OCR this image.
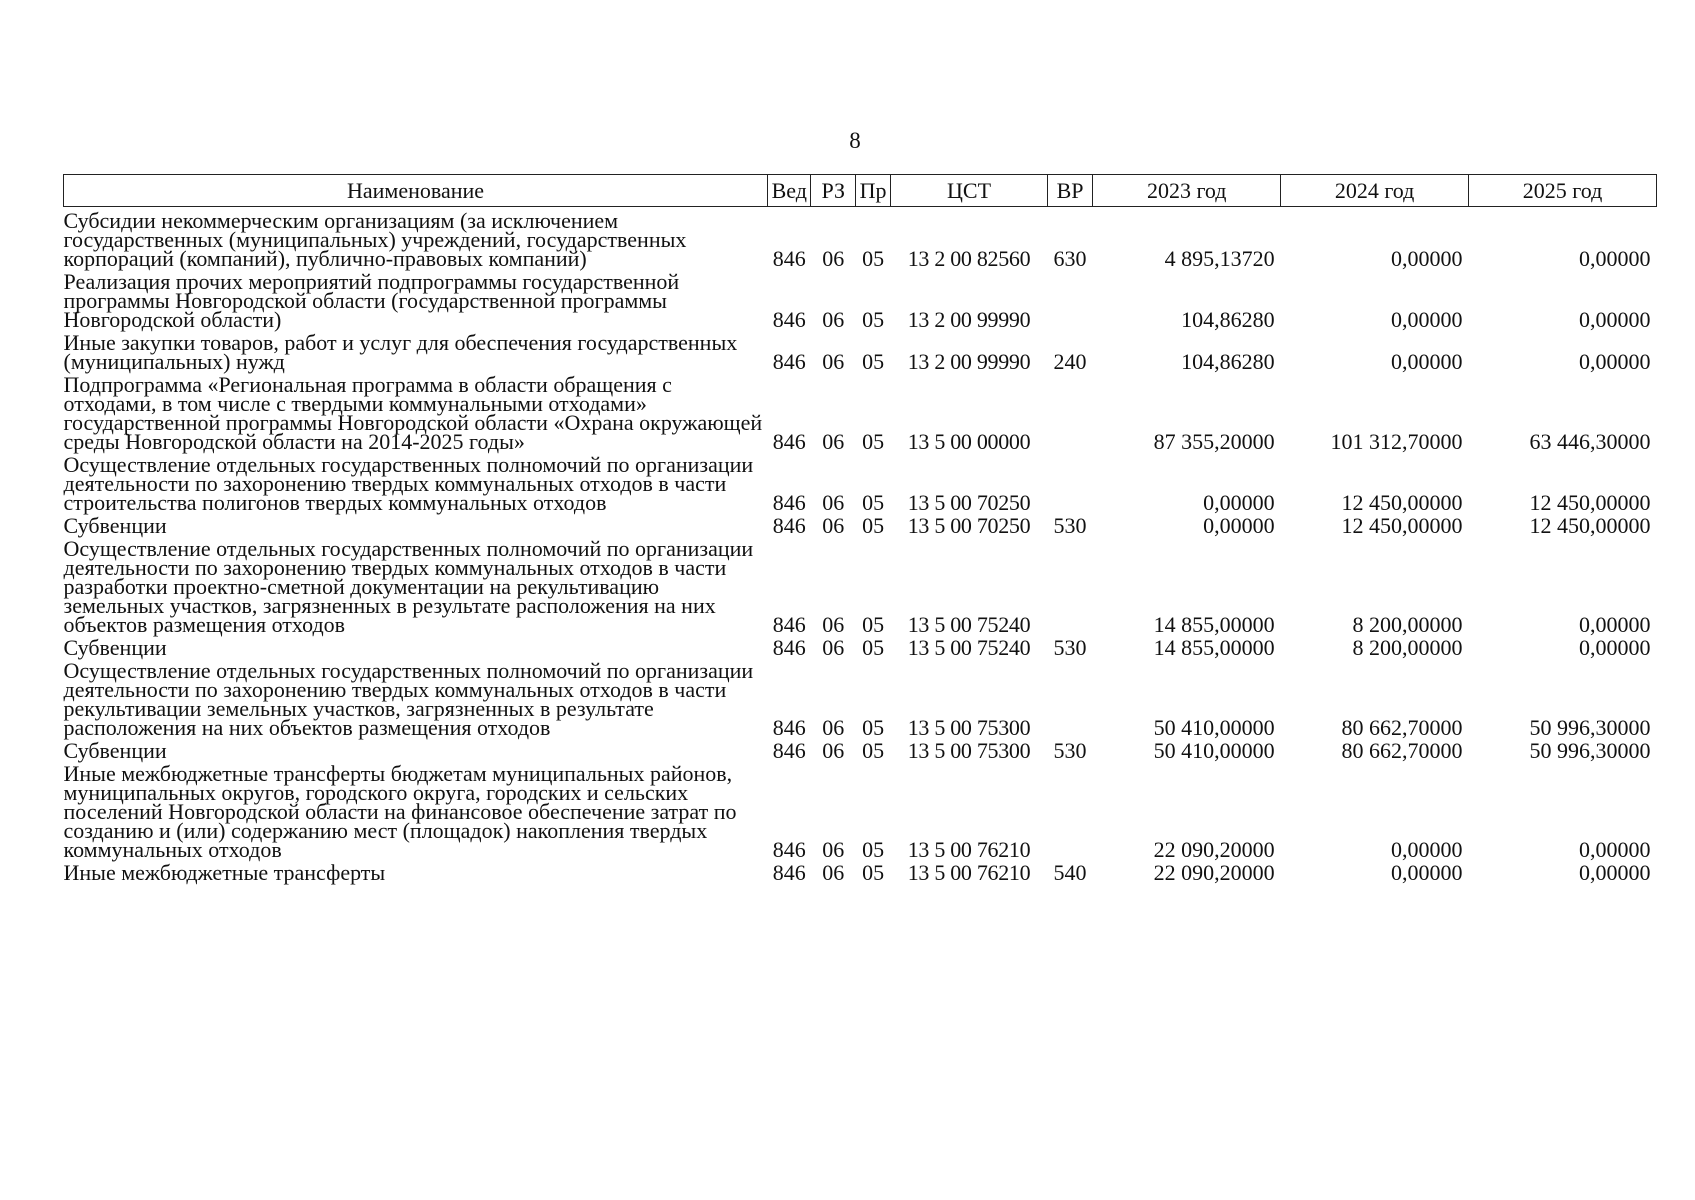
8
Наименование	Вед	РЗ	Пр	ЦСТ	ВР	2023 год	2024 год	2025 год
Субсидии некоммерческим организациям (за исключением государственных (муниципальных) учреждений, государственных корпораций (компаний), публично-правовых компаний)	846	06	05	13 2 00 82560	630	4 895,13720	0,00000	0,00000
Реализация прочих мероприятий подпрограммы государственной программы Новгородской области (государственной программы Новгородской области)	846	06	05	13 2 00 99990		104,86280	0,00000	0,00000
Иные закупки товаров, работ и услуг для обеспечения государственных (муниципальных) нужд	846	06	05	13 2 00 99990	240	104,86280	0,00000	0,00000
Подпрограмма «Региональная программа в области обращения с отходами, в том числе с твердыми коммунальными отходами» государственной программы Новгородской области «Охрана окружающей среды Новгородской области на 2014-2025 годы»	846	06	05	13 5 00 00000		87 355,20000	101 312,70000	63 446,30000
Осуществление отдельных государственных полномочий по организации деятельности по захоронению твердых коммунальных отходов в части строительства полигонов твердых коммунальных отходов	846	06	05	13 5 00 70250		0,00000	12 450,00000	12 450,00000
Субвенции	846	06	05	13 5 00 70250	530	0,00000	12 450,00000	12 450,00000
Осуществление отдельных государственных полномочий по организации деятельности по захоронению твердых коммунальных отходов в части разработки проектно-сметной документации на рекультивацию земельных участков, загрязненных в результате расположения на них объектов размещения отходов	846	06	05	13 5 00 75240		14 855,00000	8 200,00000	0,00000
Субвенции	846	06	05	13 5 00 75240	530	14 855,00000	8 200,00000	0,00000
Осуществление отдельных государственных полномочий по организации деятельности по захоронению твердых коммунальных отходов в части рекультивации земельных участков, загрязненных в результате расположения на них объектов размещения отходов	846	06	05	13 5 00 75300		50 410,00000	80 662,70000	50 996,30000
Субвенции	846	06	05	13 5 00 75300	530	50 410,00000	80 662,70000	50 996,30000
Иные межбюджетные трансферты бюджетам муниципальных районов, муниципальных округов, городского округа, городских и сельских поселений Новгородской области на финансовое обеспечение затрат по созданию и (или) содержанию мест (площадок) накопления твердых коммунальных отходов	846	06	05	13 5 00 76210		22 090,20000	0,00000	0,00000
Иные межбюджетные трансферты	846	06	05	13 5 00 76210	540	22 090,20000	0,00000	0,00000
